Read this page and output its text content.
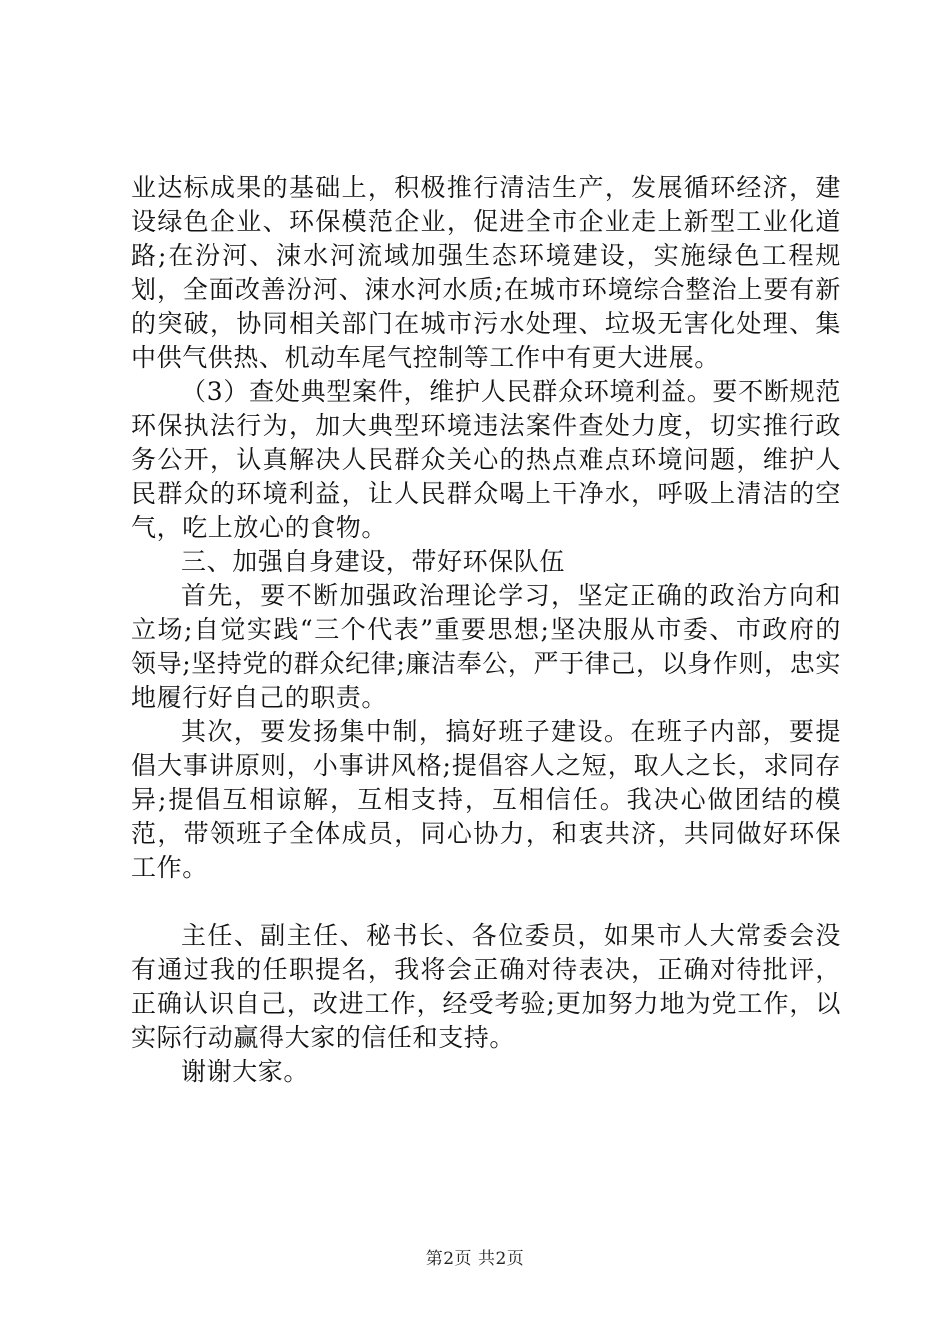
业达标成果的基础上，积极推行清洁生产，发展循环经济，建设绿色企业、环保模范企业，促进全市企业走上新型工业化道路;在汾河、涑水河流域加强生态环境建设，实施绿色工程规划，全面改善汾河、涑水河水质;在城市环境综合整治上要有新的突破，协同相关部门在城市污水处理、垃圾无害化处理、集中供气供热、机动车尾气控制等工作中有更大进展。

（3）查处典型案件，维护人民群众环境利益。要不断规范环保执法行为，加大典型环境违法案件查处力度，切实推行政务公开，认真解决人民群众关心的热点难点环境问题，维护人民群众的环境利益，让人民群众喝上干净水，呼吸上清洁的空气，吃上放心的食物。

三、加强自身建设，带好环保队伍

首先，要不断加强政治理论学习，坚定正确的政治方向和立场;自觉实践“三个代表”重要思想;坚决服从市委、市政府的领导;坚持党的群众纪律;廉洁奉公，严于律己，以身作则，忠实地履行好自己的职责。

其次，要发扬集中制，搞好班子建设。在班子内部，要提倡大事讲原则，小事讲风格;提倡容人之短，取人之长，求同存异;提倡互相谅解，互相支持，互相信任。我决心做团结的模范，带领班子全体成员，同心协力，和衷共济，共同做好环保工作。

主任、副主任、秘书长、各位委员，如果市人大常委会没有通过我的任职提名，我将会正确对待表决，正确对待批评，正确认识自己，改进工作，经受考验;更加努力地为党工作，以实际行动赢得大家的信任和支持。

谢谢大家。

第2页 共2页
